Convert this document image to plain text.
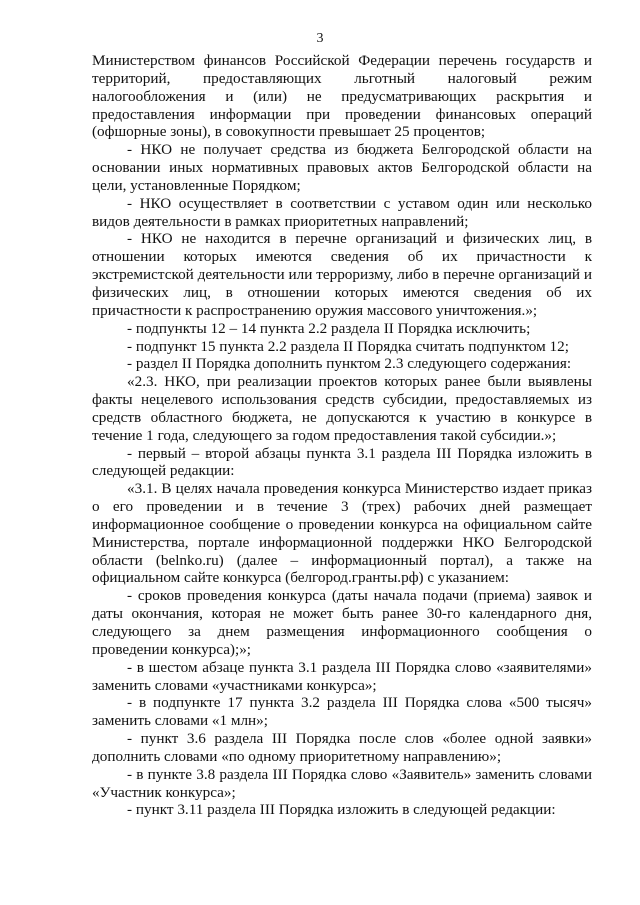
3

Министерством финансов Российской Федерации перечень государств и территорий, предоставляющих льготный налоговый режим налогообложения и (или) не предусматривающих раскрытия и предоставления информации при проведении финансовых операций (офшорные зоны), в совокупности превышает 25 процентов;

- НКО не получает средства из бюджета Белгородской области на основании иных нормативных правовых актов Белгородской области на цели, установленные Порядком;

- НКО осуществляет в соответствии с уставом один или несколько видов деятельности в рамках приоритетных направлений;

- НКО не находится в перечне организаций и физических лиц, в отношении которых имеются сведения об их причастности к экстремистской деятельности или терроризму, либо в перечне организаций и физических лиц, в отношении которых имеются сведения об их причастности к распространению оружия массового уничтожения.»;

- подпункты 12 – 14 пункта 2.2 раздела II Порядка исключить;

- подпункт 15 пункта 2.2 раздела II Порядка считать подпунктом 12;

- раздел II Порядка дополнить пунктом 2.3 следующего содержания:

«2.3. НКО, при реализации проектов которых ранее были выявлены факты нецелевого использования средств субсидии, предоставляемых из средств областного бюджета, не допускаются к участию в конкурсе в течение 1 года, следующего за годом предоставления такой субсидии.»;

- первый – второй абзацы пункта 3.1 раздела III Порядка изложить в следующей редакции:

«3.1. В целях начала проведения конкурса Министерство издает приказ о его проведении и в течение 3 (трех) рабочих дней размещает информационное сообщение о проведении конкурса на официальном сайте Министерства, портале информационной поддержки НКО Белгородской области (belnko.ru) (далее – информационный портал), а также на официальном сайте конкурса (белгород.гранты.рф) с указанием:

- сроков проведения конкурса (даты начала подачи (приема) заявок и даты окончания, которая не может быть ранее 30-го календарного дня, следующего за днем размещения информационного сообщения о проведении конкурса);»;

- в шестом абзаце пункта 3.1 раздела III Порядка слово «заявителями» заменить словами «участниками конкурса»;

- в подпункте 17 пункта 3.2 раздела III Порядка слова «500 тысяч» заменить словами «1 млн»;

- пункт 3.6 раздела III Порядка после слов «более одной заявки» дополнить словами «по одному приоритетному направлению»;

- в пункте 3.8 раздела III Порядка слово «Заявитель» заменить словами «Участник конкурса»;

- пункт 3.11 раздела III Порядка изложить в следующей редакции:
